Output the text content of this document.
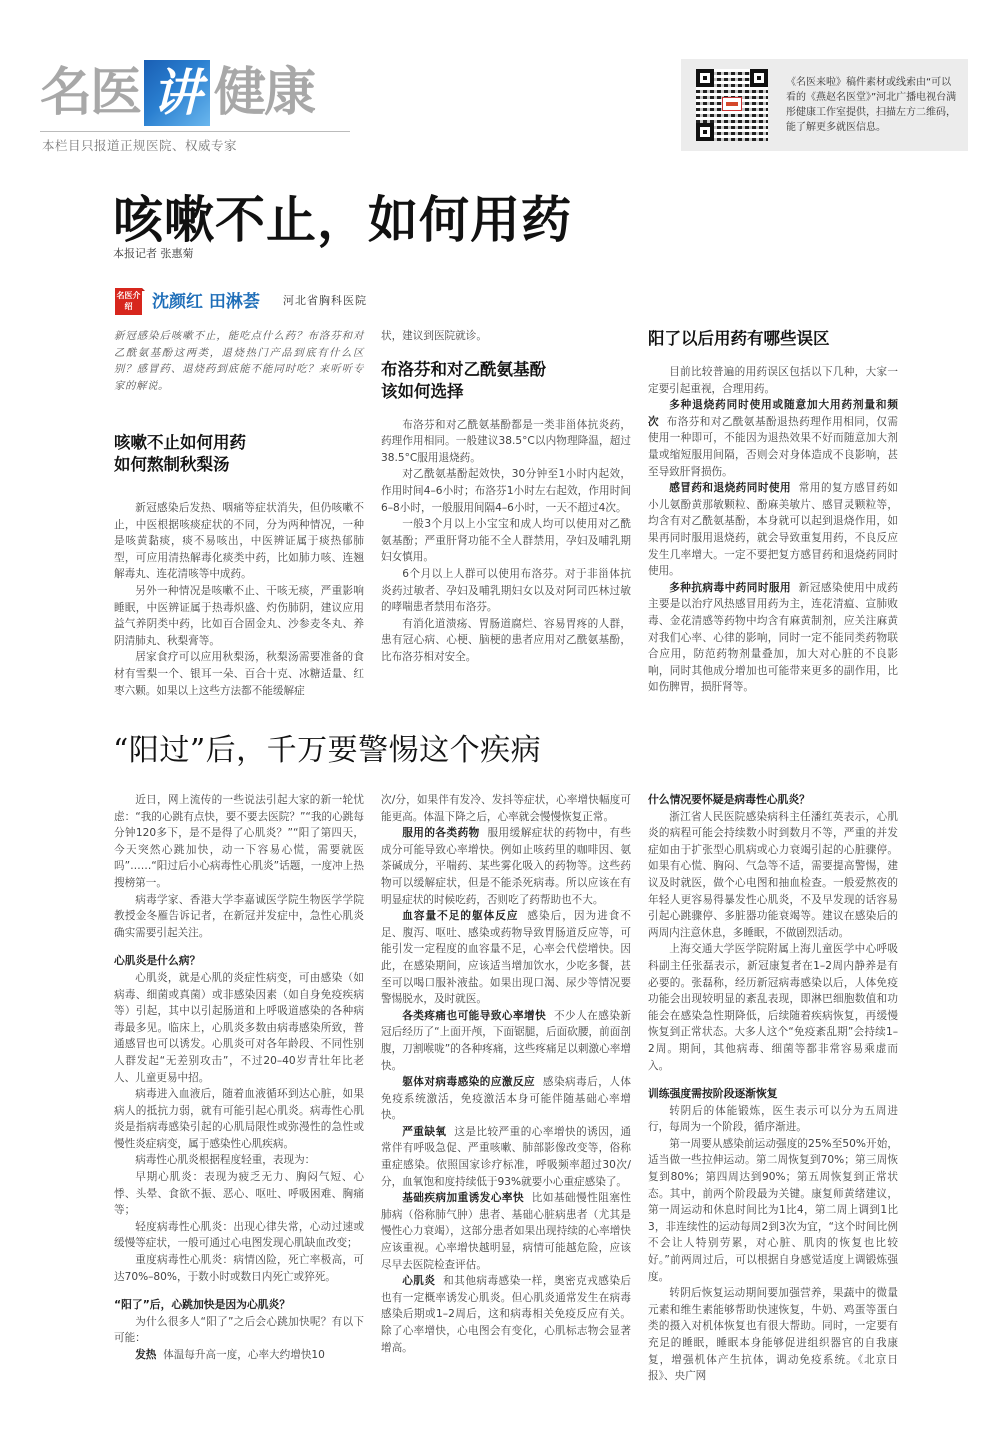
名 医 讲 健 康
本栏目只报道正规医院、权威专家
《名医来啦》稿件素材或线索由“可以看的《燕赵名医堂》”河北广播电视台满彤健康工作室提供，扫描左方二维码，能了解更多就医信息。
咳嗽不止，如何用药
本报记者 张惠菊
名医介绍	沈颜红 田淋荟 河北省胸科医院

新冠感染后咳嗽不止，能吃点什么药？布洛芬和对乙酰氨基酚这两类，退烧热门产品到底有什么区别？感冒药、退烧药到底能不能同时吃？来听听专家的解说。

咳嗽不止如何用药

如何熬制秋梨汤

新冠感染后发热、咽痛等症状消失，但仍咳嗽不止，中医根据咳痰症状的不同，分为两种情况，一种是咳黄黏痰，痰不易咳出，中医辨证属于痰热郁肺型，可应用清热解毒化痰类中药，比如肺力咳、连翘解毒丸、连花清咳等中成药。

另外一种情况是咳嗽不止、干咳无痰，严重影响睡眠，中医辨证属于热毒炽盛、灼伤肺阴，建议应用益气养阴类中药，比如百合固金丸、沙参麦冬丸、养阴清肺丸、秋梨膏等。

居家食疗可以应用秋梨汤，秋梨汤需要准备的食材有雪梨一个、银耳一朵、百合十克、冰糖适量、红枣六颗。如果以上这些方法都不能缓解症

状，建议到医院就诊。

布洛芬和对乙酰氨基酚

该如何选择

布洛芬和对乙酰氨基酚都是一类非甾体抗炎药，药理作用相同。一般建议38.5°C以内物理降温，超过38.5°C服用退烧药。

对乙酰氨基酚起效快，30分钟至1小时内起效，作用时间4–6小时；布洛芬1小时左右起效，作用时间6–8小时，一般服用间隔4–6小时，一天不超过4次。

一般3个月以上小宝宝和成人均可以使用对乙酰氨基酚；严重肝肾功能不全人群禁用，孕妇及哺乳期妇女慎用。

6个月以上人群可以使用布洛芬。对于非甾体抗炎药过敏者、孕妇及哺乳期妇女以及对阿司匹林过敏的哮喘患者禁用布洛芬。

有消化道溃疡、胃肠道腐烂、容易胃疼的人群，患有冠心病、心梗、脑梗的患者应用对乙酰氨基酚，比布洛芬相对安全。

阳了以后用药有哪些误区

目前比较普遍的用药误区包括以下几种，大家一定要引起重视，合理用药。

多种退烧药同时使用或随意加大用药剂量和频次 布洛芬和对乙酰氨基酚退热药理作用相同，仅需使用一种即可，不能因为退热效果不好而随意加大剂量或缩短服用间隔，否则会对身体造成不良影响，甚至导致肝肾损伤。

感冒药和退烧药同时使用 常用的复方感冒药如小儿氨酚黄那敏颗粒、酚麻美敏片、感冒灵颗粒等，均含有对乙酰氨基酚，本身就可以起到退烧作用，如果再同时服用退烧药，就会导致重复用药，不良反应发生几率增大。一定不要把复方感冒药和退烧药同时使用。

多种抗病毒中药同时服用 新冠感染使用中成药主要是以治疗风热感冒用药为主，连花清瘟、宣肺败毒、金花清感等药物中均含有麻黄制剂，应关注麻黄对我们心率、心律的影响，同时一定不能同类药物联合应用，防范药物剂量叠加，加大对心脏的不良影响，同时其他成分增加也可能带来更多的副作用，比如伤脾胃，损肝肾等。

“阳过”后，千万要警惕这个疾病

近日，网上流传的一些说法引起大家的新一轮忧虑：“我的心跳有点快，要不要去医院？”“我的心跳每分钟120多下，是不是得了心肌炎？”“阳了第四天，今天突然心跳加快，动一下容易心慌，需要就医吗”……“阳过后小心病毒性心肌炎”话题，一度冲上热搜榜第一。

病毒学家、香港大学李嘉诚医学院生物医学学院教授金冬雁告诉记者，在新冠并发症中，急性心肌炎确实需要引起关注。

心肌炎是什么病？

心肌炎，就是心肌的炎症性病变，可由感染（如病毒、细菌或真菌）或非感染因素（如自身免疫疾病等）引起，其中以引起肠道和上呼吸道感染的各种病毒最多见。临床上，心肌炎多数由病毒感染所致，普通感冒也可以诱发。心肌炎可对各年龄段、不同性别人群发起“无差别攻击”，不过20–40岁青壮年比老人、儿童更易中招。

病毒进入血液后，随着血液循环到达心脏，如果病人的抵抗力弱，就有可能引起心肌炎。病毒性心肌炎是指病毒感染引起的心肌局限性或弥漫性的急性或慢性炎症病变，属于感染性心肌疾病。

病毒性心肌炎根据程度轻重，表现为：

早期心肌炎：表现为疲乏无力、胸闷气短、心悸、头晕、食欲不振、恶心、呕吐、呼吸困难、胸痛等；

轻度病毒性心肌炎：出现心律失常，心动过速或缓慢等症状，一般可通过心电图发现心肌缺血改变；

重度病毒性心肌炎：病情凶险，死亡率极高，可达70%–80%，于数小时或数日内死亡或猝死。

“阳了”后，心跳加快是因为心肌炎？

为什么很多人“阳了”之后会心跳加快呢？有以下可能：

发热 体温每升高一度，心率大约增快10

次/分，如果伴有发冷、发抖等症状，心率增快幅度可能更高。体温下降之后，心率就会慢慢恢复正常。

服用的各类药物 服用缓解症状的药物中，有些成分可能导致心率增快。例如止咳药里的咖啡因、氨茶碱成分，平喘药、某些雾化吸入的药物等。这些药物可以缓解症状，但是不能杀死病毒。所以应该在有明显症状的时候吃药，否则吃了药帮助也不大。

血容量不足的躯体反应 感染后，因为进食不足、腹泻、呕吐、感染或药物导致胃肠道反应等，可能引发一定程度的血容量不足，心率会代偿增快。因此，在感染期间，应该适当增加饮水，少吃多餐，甚至可以喝口服补液盐。如果出现口渴、尿少等情况要警惕脱水，及时就医。

各类疼痛也可能导致心率增快 不少人在感染新冠后经历了“上面开颅，下面锯腿，后面砍腰，前面剖腹，刀割喉咙”的各种疼痛，这些疼痛足以刺激心率增快。

躯体对病毒感染的应激反应 感染病毒后，人体免疫系统激活，免疫激活本身可能伴随基础心率增快。

严重缺氧 这是比较严重的心率增快的诱因，通常伴有呼吸急促、严重咳嗽、肺部影像改变等，俗称重症感染。依照国家诊疗标准，呼吸频率超过30次/分，血氧饱和度持续低于93%就要小心重症感染了。

基础疾病加重诱发心率快 比如基础慢性阻塞性肺病（俗称肺气肿）患者、基础心脏病患者（尤其是慢性心力衰竭），这部分患者如果出现持续的心率增快应该重视。心率增快越明显，病情可能越危险，应该尽早去医院检查评估。

心肌炎 和其他病毒感染一样，奥密克戎感染后也有一定概率诱发心肌炎。但心肌炎通常发生在病毒感染后期或1–2周后，这和病毒相关免疫反应有关。除了心率增快，心电图会有变化，心肌标志物会显著增高。

什么情况要怀疑是病毒性心肌炎？

浙江省人民医院感染病科主任潘红英表示，心肌炎的病程可能会持续数小时到数月不等，严重的并发症如由于扩张型心肌病或心力衰竭引起的心脏骤停。如果有心慌、胸闷、气急等不适，需要提高警惕，建议及时就医，做个心电图和抽血检查。一般爱熬夜的年轻人更容易得暴发性心肌炎，不及早发现的话容易引起心跳骤停、多脏器功能衰竭等。建议在感染后的两周内注意休息，多睡眠，不做剧烈活动。

上海交通大学医学院附属上海儿童医学中心呼吸科副主任张磊表示，新冠康复者在1–2周内静养是有必要的。张磊称，经历新冠病毒感染以后，人体免疫功能会出现较明显的紊乱表现，即淋巴细胞数值和功能会在感染急性期降低，后续随着疾病恢复，再缓慢恢复到正常状态。大多人这个“免疫紊乱期”会持续1–2周。期间，其他病毒、细菌等都非常容易乘虚而入。

训练强度需按阶段逐渐恢复

转阴后的体能锻炼，医生表示可以分为五周进行，每周为一个阶段，循序渐进。

第一周要从感染前运动强度的25%至50%开始，适当做一些拉伸运动。第二周恢复到70%；第三周恢复到80%；第四周达到90%；第五周恢复到正常状态。其中，前两个阶段最为关键。康复师黄绪建议，第一周运动和休息时间比为1比4，第二周上调到1比3，非连续性的运动每周2到3次为宜，“这个时间比例不会让人特别劳累，对心脏、肌肉的恢复也比较好。”前两周过后，可以根据自身感觉适度上调锻炼强度。

转阴后恢复运动期间要加强营养，果蔬中的微量元素和维生素能够帮助快速恢复，牛奶、鸡蛋等蛋白类的摄入对机体恢复也有很大帮助。同时，一定要有充足的睡眠，睡眠本身能够促进组织器官的自我康复，增强机体产生抗体，调动免疫系统。《北京日报》、央广网
